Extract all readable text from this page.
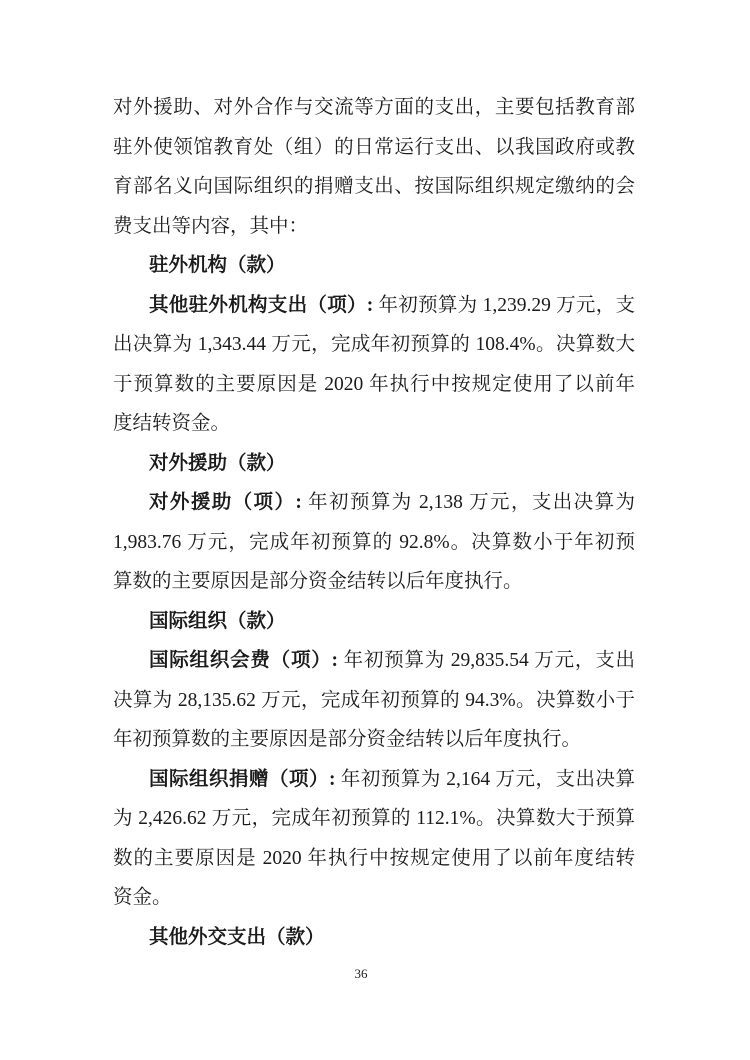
对外援助、对外合作与交流等方面的支出，主要包括教育部
驻外使领馆教育处（组）的日常运行支出、以我国政府或教
育部名义向国际组织的捐赠支出、按国际组织规定缴纳的会
费支出等内容，其中：
驻外机构（款）
其他驻外机构支出（项）: 年初预算为 1,239.29 万元，支
出决算为 1,343.44 万元，完成年初预算的 108.4%。决算数大
于预算数的主要原因是 2020 年执行中按规定使用了以前年
度结转资金。
对外援助（款）
对外援助（项）: 年初预算为 2,138 万元，支出决算为
1,983.76 万元，完成年初预算的 92.8%。决算数小于年初预
算数的主要原因是部分资金结转以后年度执行。
国际组织（款）
国际组织会费（项）: 年初预算为 29,835.54 万元，支出
决算为 28,135.62 万元，完成年初预算的 94.3%。决算数小于
年初预算数的主要原因是部分资金结转以后年度执行。
国际组织捐赠（项）: 年初预算为 2,164 万元，支出决算
为 2,426.62 万元，完成年初预算的 112.1%。决算数大于预算
数的主要原因是 2020 年执行中按规定使用了以前年度结转
资金。
其他外交支出（款）
36
